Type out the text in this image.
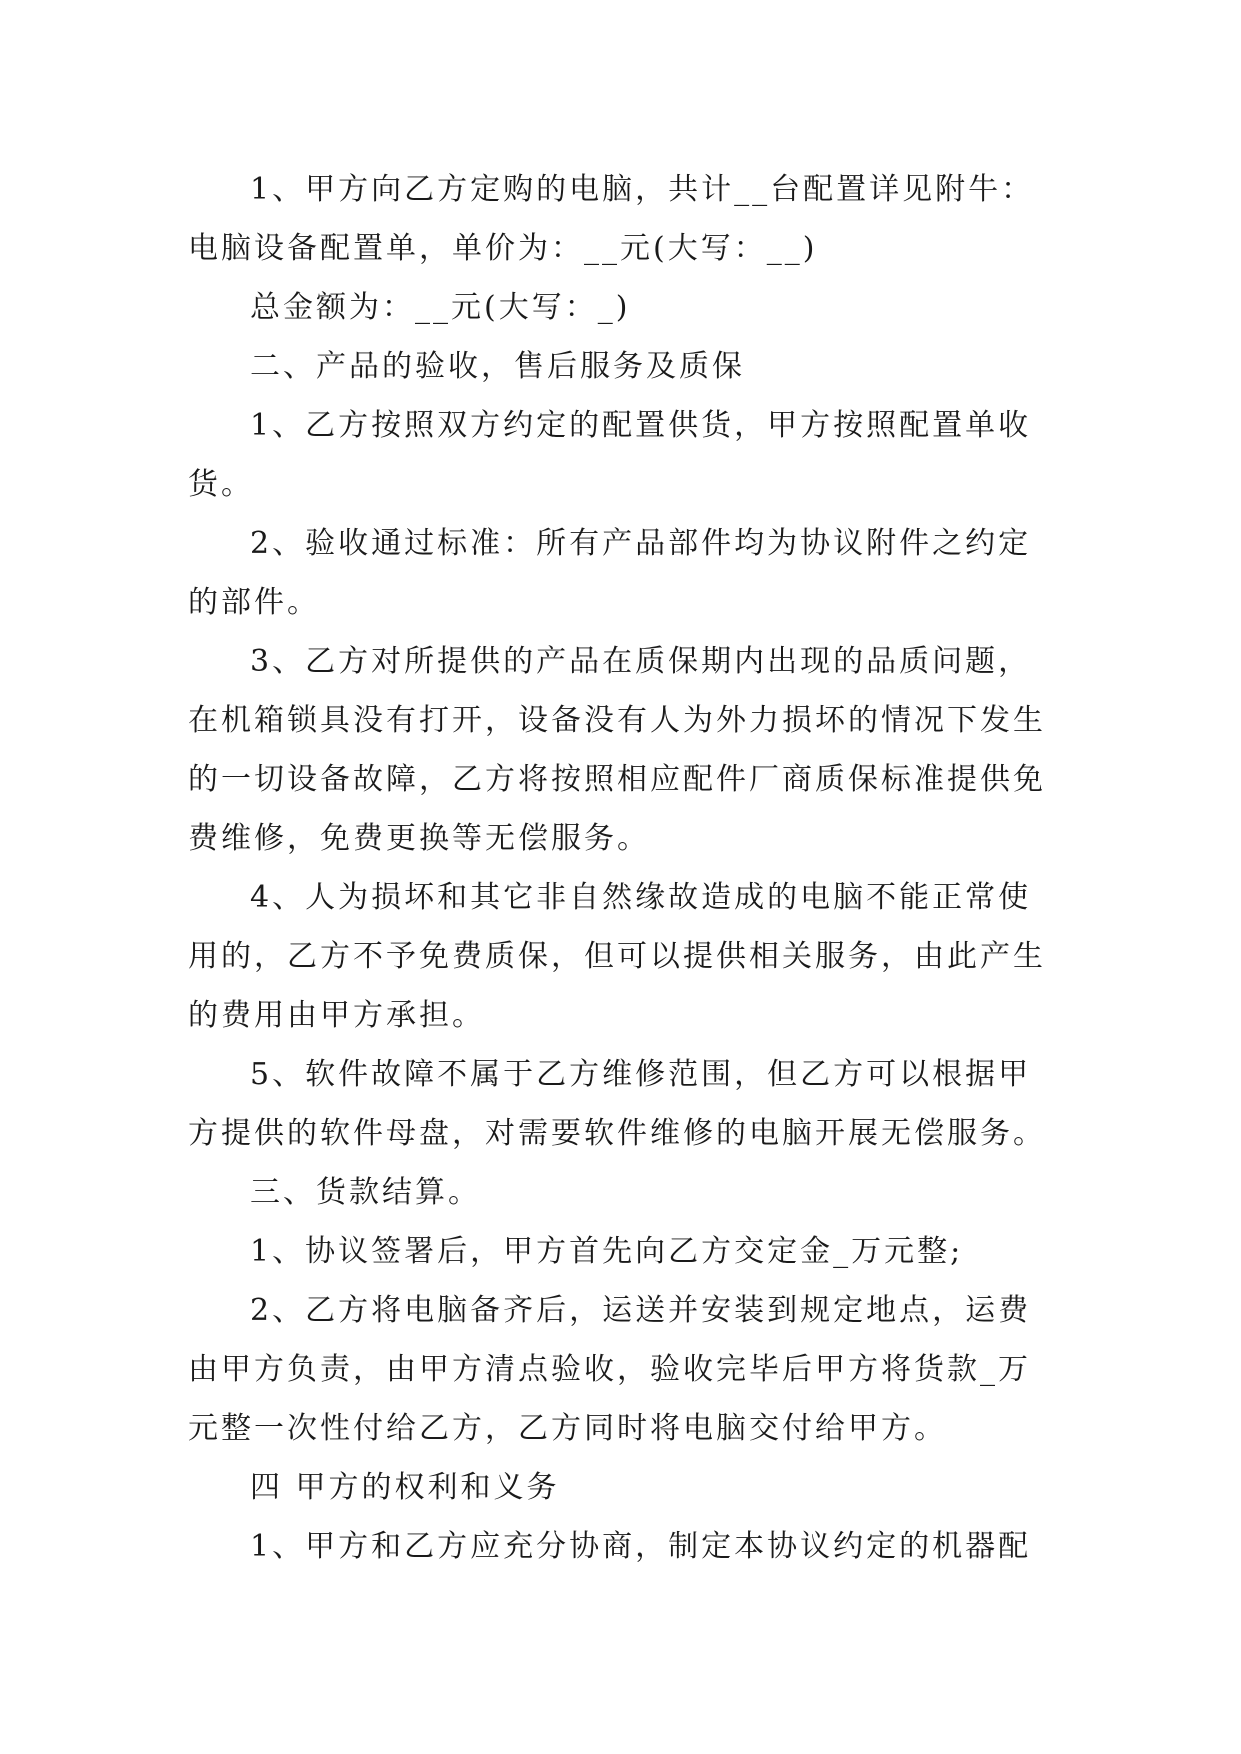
1、甲方向乙方定购的电脑，共计__台配置详见附牛：
电脑设备配置单，单价为：__元(大写：__)
总金额为：__元(大写：_)
二、产品的验收，售后服务及质保
1、乙方按照双方约定的配置供货，甲方按照配置单收
货。
2、验收通过标准：所有产品部件均为协议附件之约定
的部件。
3、乙方对所提供的产品在质保期内出现的品质问题，
在机箱锁具没有打开，设备没有人为外力损坏的情况下发生
的一切设备故障，乙方将按照相应配件厂商质保标准提供免
费维修，免费更换等无偿服务。
4、人为损坏和其它非自然缘故造成的电脑不能正常使
用的，乙方不予免费质保，但可以提供相关服务，由此产生
的费用由甲方承担。
5、软件故障不属于乙方维修范围，但乙方可以根据甲
方提供的软件母盘，对需要软件维修的电脑开展无偿服务。
三、货款结算。
1、协议签署后，甲方首先向乙方交定金_万元整;
2、乙方将电脑备齐后，运送并安装到规定地点，运费
由甲方负责，由甲方清点验收，验收完毕后甲方将货款_万
元整一次性付给乙方，乙方同时将电脑交付给甲方。
四 甲方的权利和义务
1、甲方和乙方应充分协商，制定本协议约定的机器配
